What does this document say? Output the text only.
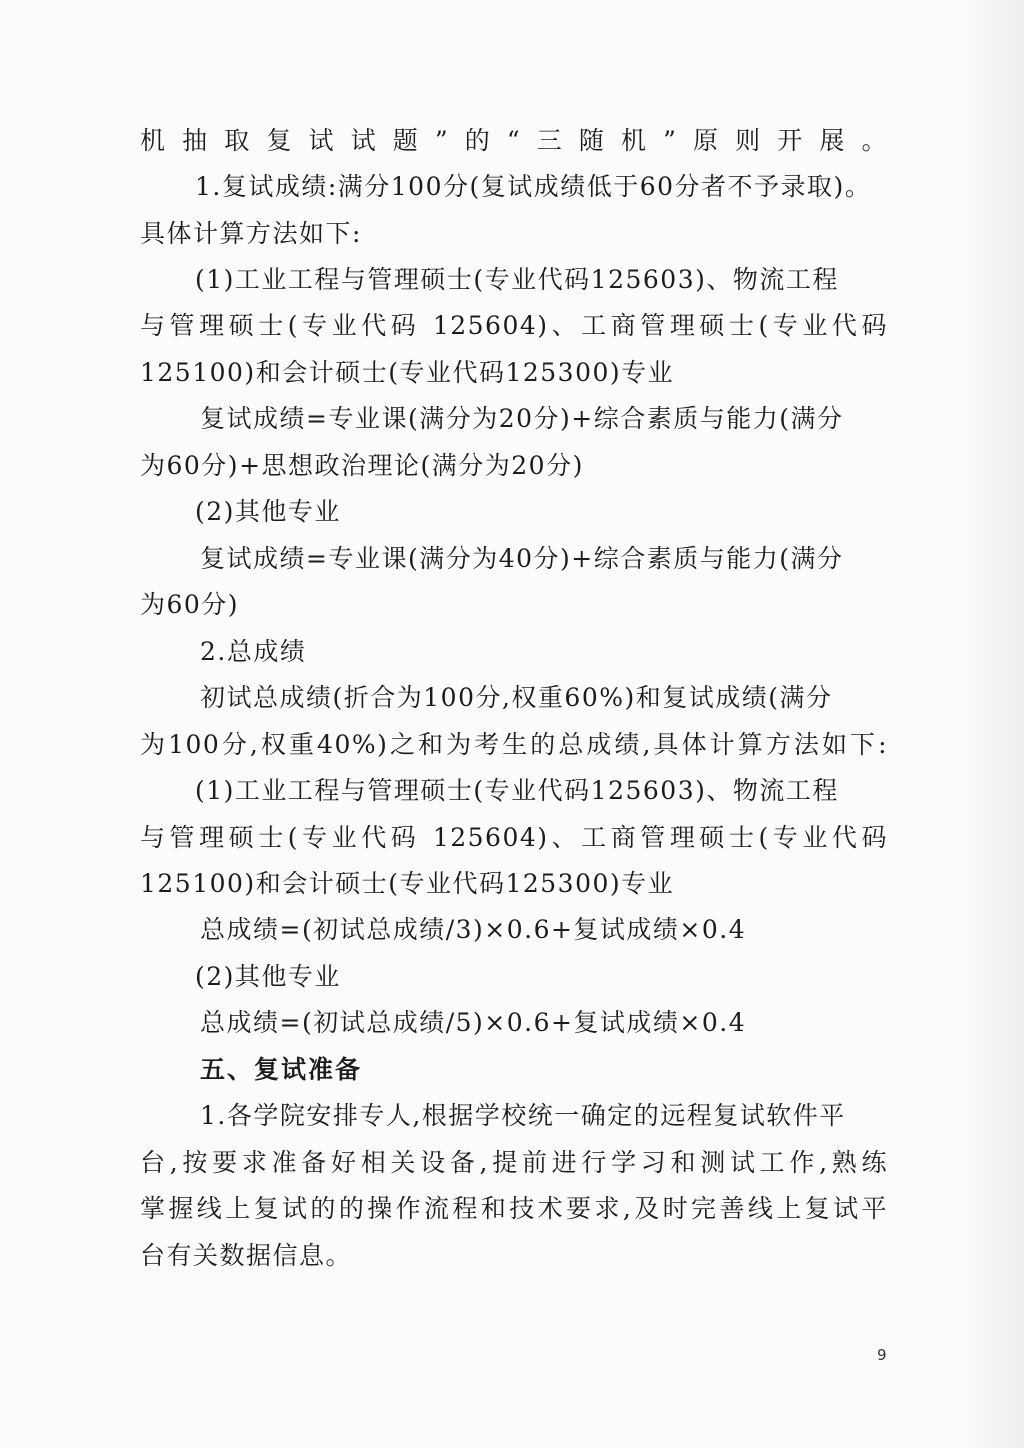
机抽取复试试题”的“三随机”原则开展。
1.复试成绩:满分100分(复试成绩低于60分者不予录取)。
具体计算方法如下:
(1)工业工程与管理硕士(专业代码125603)、物流工程
与管理硕士(专业代码 125604)、工商管理硕士(专业代码
125100)和会计硕士(专业代码125300)专业
复试成绩=专业课(满分为20分)+综合素质与能力(满分
为60分)+思想政治理论(满分为20分)
(2)其他专业
复试成绩=专业课(满分为40分)+综合素质与能力(满分
为60分)
2.总成绩
初试总成绩(折合为100分,权重60%)和复试成绩(满分
为100分,权重40%)之和为考生的总成绩,具体计算方法如下:
(1)工业工程与管理硕士(专业代码125603)、物流工程
与管理硕士(专业代码 125604)、工商管理硕士(专业代码
125100)和会计硕士(专业代码125300)专业
总成绩=(初试总成绩/3)×0.6+复试成绩×0.4
(2)其他专业
总成绩=(初试总成绩/5)×0.6+复试成绩×0.4
五、复试准备
1.各学院安排专人,根据学校统一确定的远程复试软件平
台,按要求准备好相关设备,提前进行学习和测试工作,熟练
掌握线上复试的的操作流程和技术要求,及时完善线上复试平
台有关数据信息。
9
